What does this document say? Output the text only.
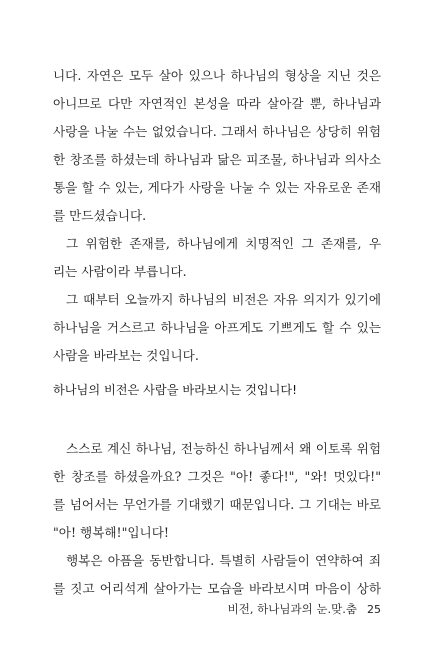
니다. 자연은 모두 살아 있으나 하나님의 형상을 지닌 것은
아니므로 다만 자연적인 본성을 따라 살아갈 뿐, 하나님과
사랑을 나눌 수는 없었습니다. 그래서 하나님은 상당히 위험
한 창조를 하셨는데 하나님과 닮은 피조물, 하나님과 의사소
통을 할 수 있는, 게다가 사랑을 나눌 수 있는 자유로운 존재
를 만드셨습니다.
그 위험한 존재를, 하나님에게 치명적인 그 존재를, 우
리는 사람이라 부릅니다.
그 때부터 오늘까지 하나님의 비전은 자유 의지가 있기에
하나님을 거스르고 하나님을 아프게도 기쁘게도 할 수 있는
사람을 바라보는 것입니다.
하나님의 비전은 사람을 바라보시는 것입니다!
스스로 계신 하나님, 전능하신 하나님께서 왜 이토록 위험
한 창조를 하셨을까요? 그것은 "아! 좋다!", "와! 멋있다!"
를 넘어서는 무언가를 기대했기 때문입니다. 그 기대는 바로
"아! 행복해!"입니다!
행복은 아픔을 동반합니다. 특별히 사람들이 연약하여 죄
를 짓고 어리석게 살아가는 모습을 바라보시며 마음이 상하
비전, 하나님과의 눈.맞.춤 25
